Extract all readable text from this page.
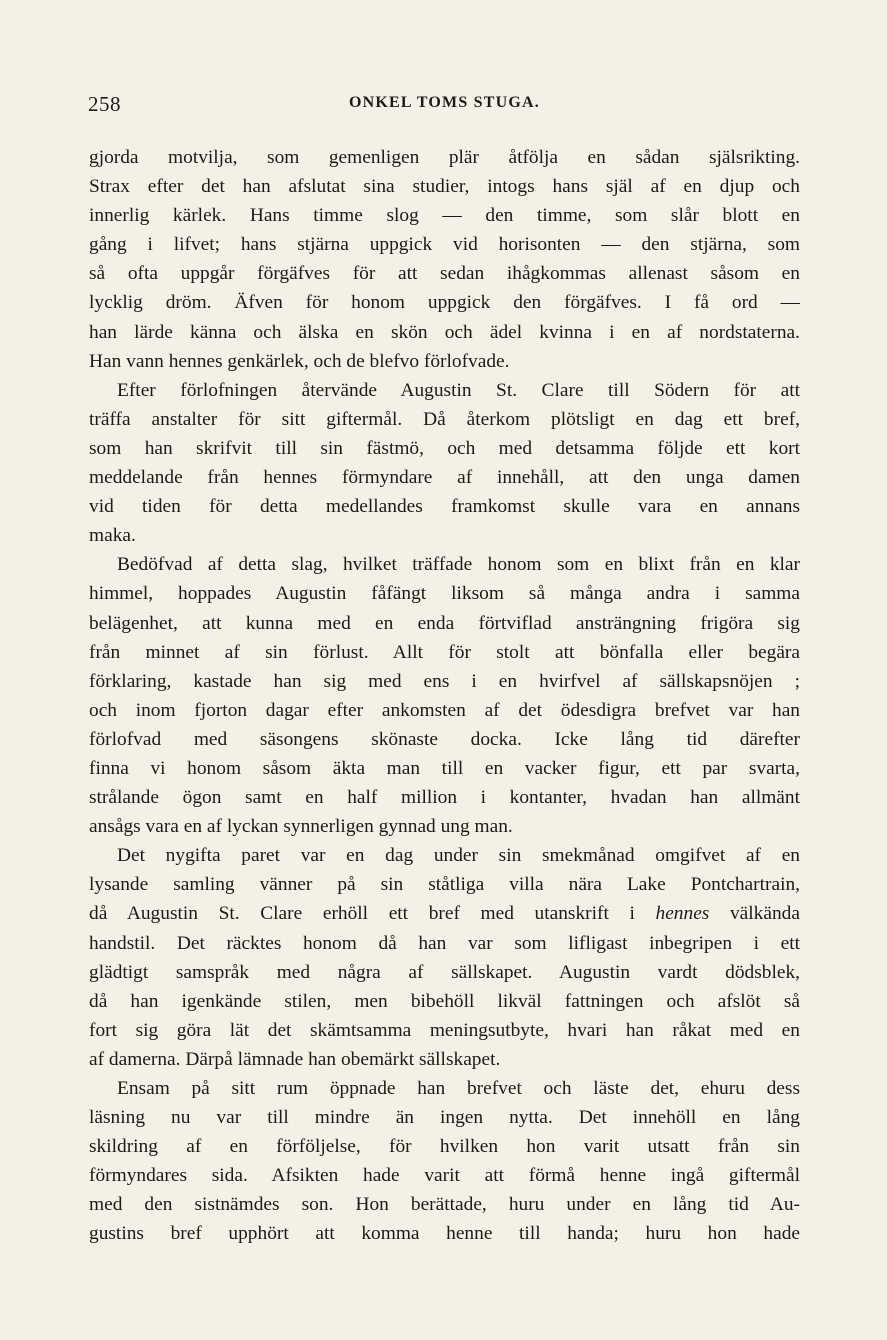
258	ONKEL TOMS STUGA.
gjorda motvilja, som gemenligen plär åtfölja en sådan själsrikting.
Strax efter det han afslutat sina studier, intogs hans själ af en djup och
innerlig kärlek. Hans timme slog — den timme, som slår blott en
gång i lifvet; hans stjärna uppgick vid horisonten — den stjärna, som
så ofta uppgår förgäfves för att sedan ihågkommas allenast såsom en
lycklig dröm. Äfven för honom uppgick den förgäfves. I få ord —
han lärde känna och älska en skön och ädel kvinna i en af nordstaterna.
Han vann hennes genkärlek, och de blefvo förlofvade.
Efter förlofningen återvände Augustin St. Clare till Södern för att
träffa anstalter för sitt giftermål. Då återkom plötsligt en dag ett bref,
som han skrifvit till sin fästmö, och med detsamma följde ett kort
meddelande från hennes förmyndare af innehåll, att den unga damen
vid tiden för detta medellandes framkomst skulle vara en annans
maka.
Bedöfvad af detta slag, hvilket träffade honom som en blixt från en klar
himmel, hoppades Augustin fåfängt liksom så många andra i samma
belägenhet, att kunna med en enda förtviflad ansträngning frigöra sig
från minnet af sin förlust. Allt för stolt att bönfalla eller begära
förklaring, kastade han sig med ens i en hvirfvel af sällskapsnöjen ;
och inom fjorton dagar efter ankomsten af det ödesdigra brefvet var han
förlofvad med säsongens skönaste docka. Icke lång tid därefter
finna vi honom såsom äkta man till en vacker figur, ett par svarta,
strålande ögon samt en half million i kontanter, hvadan han allmänt
ansågs vara en af lyckan synnerligen gynnad ung man.
Det nygifta paret var en dag under sin smekmånad omgifvet af en
lysande samling vänner på sin ståtliga villa nära Lake Pontchartrain,
då Augustin St. Clare erhöll ett bref med utanskrift i hennes välkända
handstil. Det räcktes honom då han var som lifligast inbegripen i ett
glädtigt samspråk med några af sällskapet. Augustin vardt dödsblek,
då han igenkände stilen, men bibehöll likväl fattningen och afslöt så
fort sig göra lät det skämtsamma meningsutbyte, hvari han råkat med en
af damerna. Därpå lämnade han obemärkt sällskapet.
Ensam på sitt rum öppnade han brefvet och läste det, ehuru dess
läsning nu var till mindre än ingen nytta. Det innehöll en lång
skildring af en förföljelse, för hvilken hon varit utsatt från sin
förmyndares sida. Afsikten hade varit att förmå henne ingå giftermål
med den sistnämdes son. Hon berättade, huru under en lång tid Au-
gustins bref upphört att komma henne till handa; huru hon hade
